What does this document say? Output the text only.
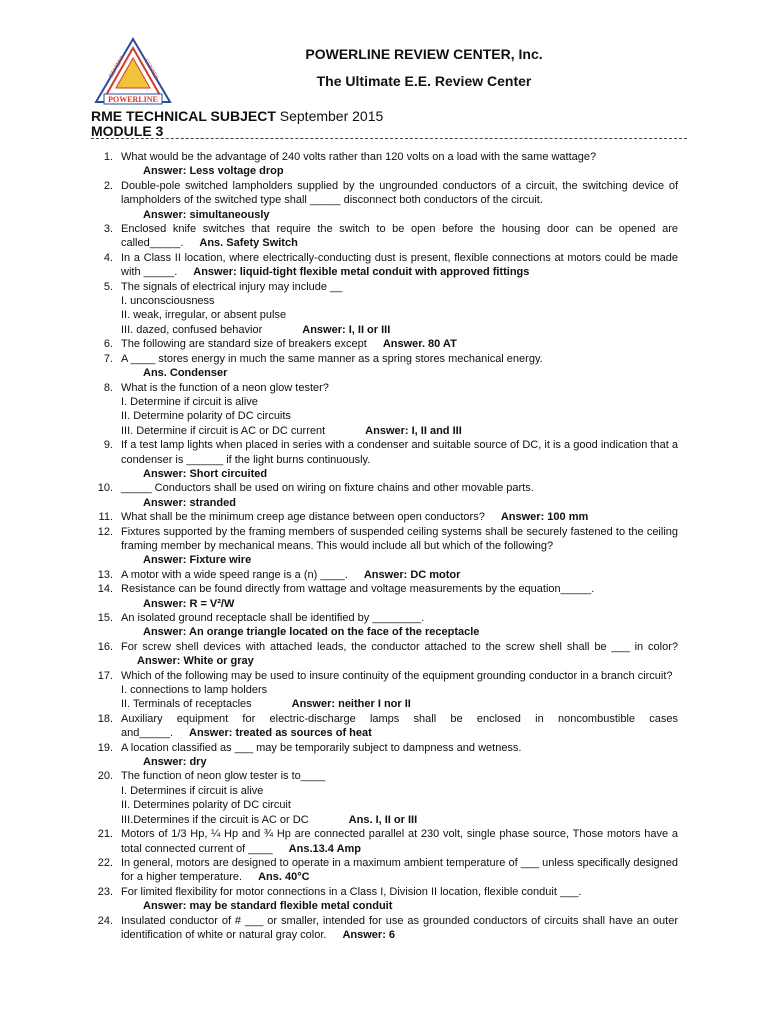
POWERLINE
REVIEW	CENTER
POWERLINE REVIEW CENTER, Inc.
The Ultimate E.E. Review Center
RME TECHNICAL SUBJECT September 2015
MODULE 3
1. What would be the advantage of 240 volts rather than 120 volts on a load with the same wattage?
Answer: Less voltage drop
2. Double-pole switched lampholders supplied by the ungrounded conductors of a circuit, the switching device of lampholders of the switched type shall _____ disconnect both conductors of the circuit.
Answer: simultaneously
3. Enclosed knife switches that require the switch to be open before the housing door can be opened are called_____. Ans. Safety Switch
4. In a Class II location, where electrically-conducting dust is present, flexible connections at motors could be made with _____. Answer: liquid-tight flexible metal conduit with approved fittings
5. The signals of electrical injury may include __
I. unconsciousness
II. weak, irregular, or absent pulse
III. dazed, confused behavior	Answer: I, II or III
6. The following are standard size of breakers except Answer. 80 AT
7. A ____ stores energy in much the same manner as a spring stores mechanical energy.
Ans. Condenser
8. What is the function of a neon glow tester?
I. Determine if circuit is alive
II. Determine polarity of DC circuits
III. Determine if circuit is AC or DC current	Answer: I, II and III
9. If a test lamp lights when placed in series with a condenser and suitable source of DC, it is a good indication that a condenser is ______ if the light burns continuously.
Answer: Short circuited
10. _____ Conductors shall be used on wiring on fixture chains and other movable parts.
Answer: stranded
11. What shall be the minimum creep age distance between open conductors? Answer: 100 mm
12. Fixtures supported by the framing members of suspended ceiling systems shall be securely fastened to the ceiling framing member by mechanical means. This would include all but which of the following?
Answer: Fixture wire
13. A motor with a wide speed range is a (n) ____. Answer: DC motor
14. Resistance can be found directly from wattage and voltage measurements by the equation_____.
Answer: R = V²/W
15. An isolated ground receptacle shall be identified by ________.
Answer: An orange triangle located on the face of the receptacle
16. For screw shell devices with attached leads, the conductor attached to the screw shell shall be ___ in color?Answer: White or gray
17. Which of the following may be used to insure continuity of the equipment grounding conductor in a branch circuit?
I. connections to lamp holders
II. Terminals of receptacles	Answer: neither I nor II
18. Auxiliary equipment for electric-discharge lamps shall be enclosed in noncombustible cases and_____. Answer: treated as sources of heat
19. A location classified as ___ may be temporarily subject to dampness and wetness.
Answer: dry
20. The function of neon glow tester is to____
I. Determines if circuit is alive
II. Determines polarity of DC circuit
III.Determines if the circuit is AC or DC	Ans. I, II or III
21. Motors of 1/3 Hp, ¼ Hp and ¾ Hp are connected parallel at 230 volt, single phase source, Those motors have a total connected current of ____ Ans.13.4 Amp
22. In general, motors are designed to operate in a maximum ambient temperature of ___ unless specifically designed for a higher temperature. Ans. 40°C
23. For limited flexibility for motor connections in a Class I, Division II location, flexible conduit ___.
Answer: may be standard flexible metal conduit
24. Insulated conductor of # ___ or smaller, intended for use as grounded conductors of circuits shall have an outer identification of white or natural gray color. Answer: 6
